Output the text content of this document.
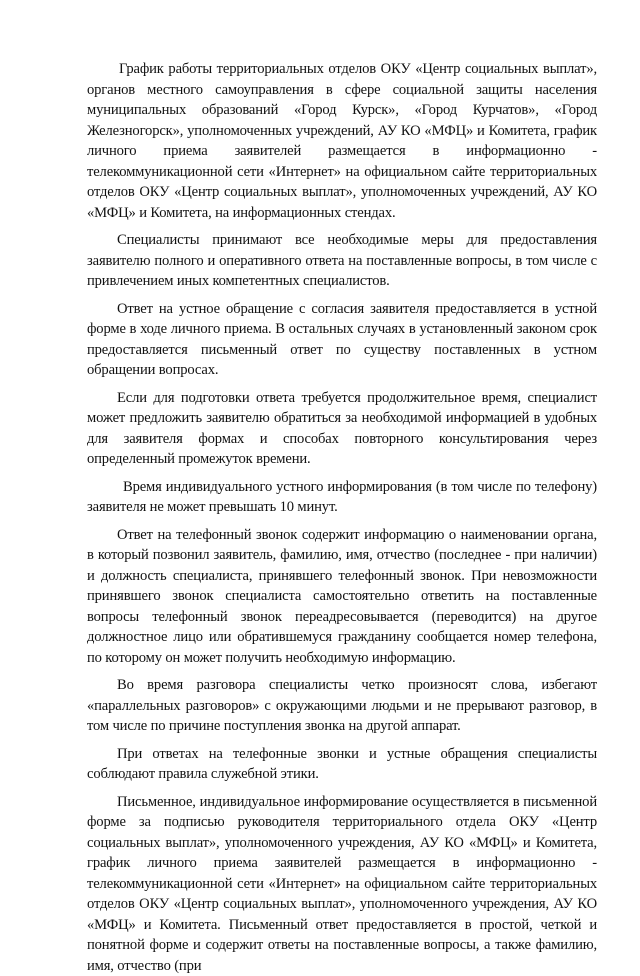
График работы территориальных отделов ОКУ «Центр социальных выплат», органов местного самоуправления в сфере социальной защиты населения муниципальных образований «Город Курск», «Город Курчатов», «Город Железногорск», уполномоченных учреждений, АУ КО «МФЦ» и Комитета, график личного приема заявителей размещается в информационно - телекоммуникационной сети «Интернет» на официальном сайте территориальных отделов ОКУ «Центр социальных выплат», уполномоченных учреждений, АУ КО «МФЦ» и Комитета, на информационных стендах.

Специалисты принимают все необходимые меры для предоставления заявителю полного и оперативного ответа на поставленные вопросы, в том числе с привлечением иных компетентных специалистов.

Ответ на устное обращение с согласия заявителя предоставляется в устной форме в ходе личного приема. В остальных случаях в установленный законом срок предоставляется письменный ответ по существу поставленных в устном обращении вопросах.

Если для подготовки ответа требуется продолжительное время, специалист может предложить заявителю обратиться за необходимой информацией в удобных для заявителя формах и способах повторного консультирования через определенный промежуток времени.

Время индивидуального устного информирования (в том числе по телефону) заявителя не может превышать 10 минут.

Ответ на телефонный звонок содержит информацию о наименовании органа, в который позвонил заявитель, фамилию, имя, отчество (последнее - при наличии) и должность специалиста, принявшего телефонный звонок. При невозможности принявшего звонок специалиста самостоятельно ответить на поставленные вопросы телефонный звонок переадресовывается (переводится) на другое должностное лицо или обратившемуся гражданину сообщается номер телефона, по которому он может получить необходимую информацию.

Во время разговора специалисты четко произносят слова, избегают «параллельных разговоров» с окружающими людьми и не прерывают разговор, в том числе по причине поступления звонка на другой аппарат.

При ответах на телефонные звонки и устные обращения специалисты соблюдают правила служебной этики.

Письменное, индивидуальное информирование осуществляется в письменной форме за подписью руководителя территориального отдела ОКУ «Центр социальных выплат», уполномоченного учреждения, АУ КО «МФЦ» и Комитета, график личного приема заявителей размещается в информационно - телекоммуникационной сети «Интернет» на официальном сайте территориальных отделов ОКУ «Центр социальных выплат», уполномоченного учреждения, АУ КО «МФЦ» и Комитета. Письменный ответ предоставляется в простой, четкой и понятной форме и содержит ответы на поставленные вопросы, а также фамилию, имя, отчество (при
